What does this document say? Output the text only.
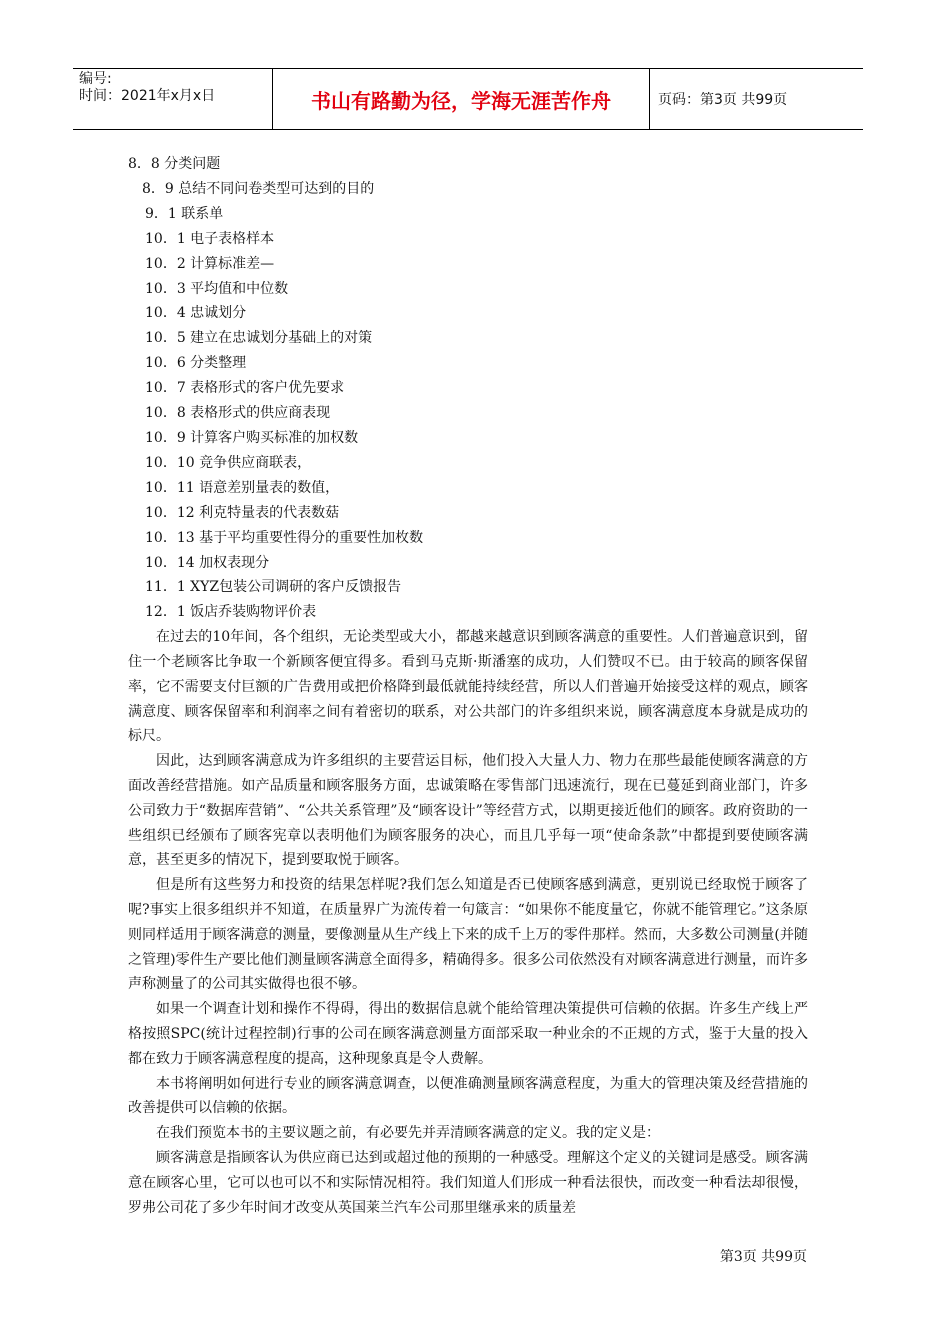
编号:
时间：2021年x月x日	书山有路勤为径，学海无涯苦作舟	页码：第3页 共99页
8．8 分类问题
8．9 总结不同问卷类型可达到的目的
9．1 联系单
10．1 电子表格样本
10．2 计算标准差—
10．3 平均值和中位数
10．4 忠诚划分
10．5 建立在忠诚划分基础上的对策
10．6 分类整理
10．7 表格形式的客户优先要求
10．8 表格形式的供应商表现
10．9 计算客户购买标准的加权数
10．10 竞争供应商联表，
10．11 语意差别量表的数值，
10．12 利克特量表的代表数菇
10．13 基于平均重要性得分的重要性加枚数
10．14 加权表现分
11．1 XYZ包装公司调研的客户反馈报告
12．1 饭店乔装购物评价表

在过去的10年间，各个组织，无论类型或大小，都越来越意识到顾客满意的重要性。人们普遍意识到，留住一个老顾客比争取一个新顾客便宜得多。看到马克斯·斯潘塞的成功，人们赞叹不已。由于较高的顾客保留率，它不需要支付巨额的广告费用或把价格降到最低就能持续经营，所以人们普遍开始接受这样的观点，顾客满意度、顾客保留率和利润率之间有着密切的联系，对公共部门的许多组织来说，顾客满意度本身就是成功的标尺。

因此，达到顾客满意成为许多组织的主要营运目标，他们投入大量人力、物力在那些最能使顾客满意的方面改善经营措施。如产品质量和顾客服务方面，忠诚策略在零售部门迅速流行，现在已蔓延到商业部门，许多公司致力于“数据库营销”、“公共关系管理”及“顾客设计”等经营方式，以期更接近他们的顾客。政府资助的一些组织已经颁布了顾客宪章以表明他们为顾客服务的决心，而且几乎每一项“使命条款”中都提到要使顾客满意，甚至更多的情况下，提到要取悦于顾客。

但是所有这些努力和投资的结果怎样呢?我们怎么知道是否已使顾客感到满意，更别说已经取悦于顾客了呢?事实上很多组织并不知道，在质量界广为流传着一句箴言：“如果你不能度量它，你就不能管理它。”这条原则同样适用于顾客满意的测量，要像测量从生产线上下来的成千上万的零件那样。然而，大多数公司测量(并随之管理)零件生产要比他们测量顾客满意全面得多，精确得多。很多公司依然没有对顾客满意进行测量，而许多声称测量了的公司其实做得也很不够。

如果一个调查计划和操作不得碍，得出的数据信息就个能给管理决策提供可信赖的依据。许多生产线上严格按照SPC(统计过程控制)行事的公司在顾客满意测量方面部采取一种业余的不正规的方式，鉴于大量的投入都在致力于顾客满意程度的提高，这种现象真是令人费解。

本书将阐明如何进行专业的顾客满意调查，以便准确测量顾客满意程度，为重大的管理决策及经营措施的改善提供可以信赖的依据。

在我们预览本书的主要议题之前，有必要先并弄清顾客满意的定义。我的定义是：

顾客满意是指顾客认为供应商已达到或超过他的预期的一种感受。理解这个定义的关键词是感受。顾客满意在顾客心里，它可以也可以不和实际情况相符。我们知道人们形成一种看法很快，而改变一种看法却很慢，罗弗公司花了多少年时间才改变从英国莱兰汽车公司那里继承来的质量差

第3页 共99页
